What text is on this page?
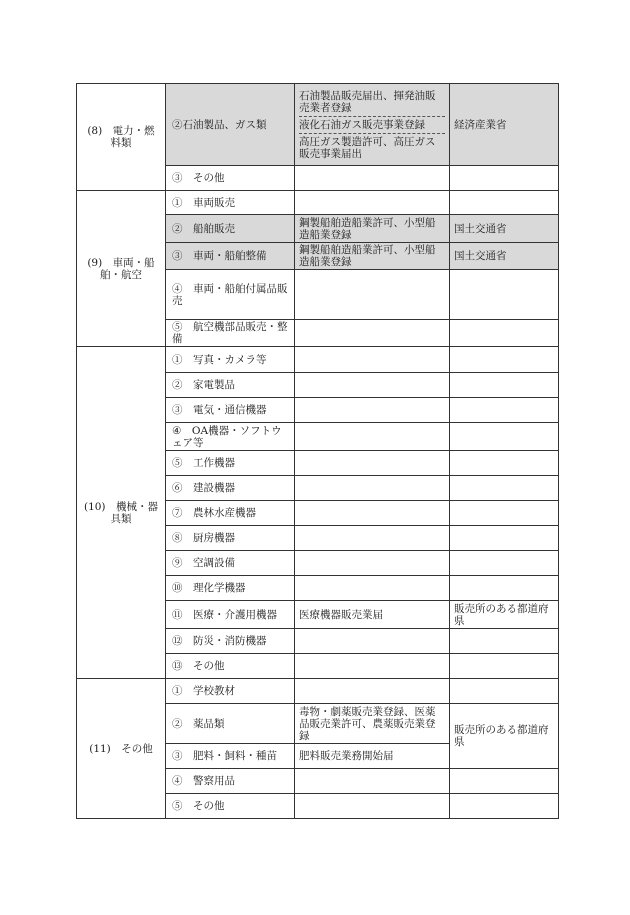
(8)　電力・燃料類	②石油製品、ガス類	石油製品販売届出、揮発油販売業者登録
液化石油ガス販売事業登録
高圧ガス製造許可、高圧ガス販売事業届出	経済産業省
	③　その他		
(9)　車両・船舶・航空	①　車両販売		
	②　船舶販売	鋼製船舶造船業許可、小型船造船業登録	国土交通省
	③　車両・船舶整備	鋼製船舶造船業許可、小型船造船業登録	国土交通省
	④　車両・船舶付属品販売		
	⑤　航空機部品販売・整備		
(10)　機械・器具類	①　写真・カメラ等		
	②　家電製品		
	③　電気・通信機器		
	④　OA機器・ソフトウェア等		
	⑤　工作機器		
	⑥　建設機器		
	⑦　農林水産機器		
	⑧　厨房機器		
	⑨　空調設備		
	⑩　理化学機器		
	⑪　医療・介護用機器	医療機器販売業届	販売所のある都道府県
	⑫　防災・消防機器		
	⑬　その他		
(11)　その他	①　学校教材		
	②　薬品類	毒物・劇薬販売業登録、医薬品販売業許可、農薬販売業登録	販売所のある都道府県
	③　肥料・飼料・種苗	肥料販売業務開始届	
	④　警察用品		
	⑤　その他		
